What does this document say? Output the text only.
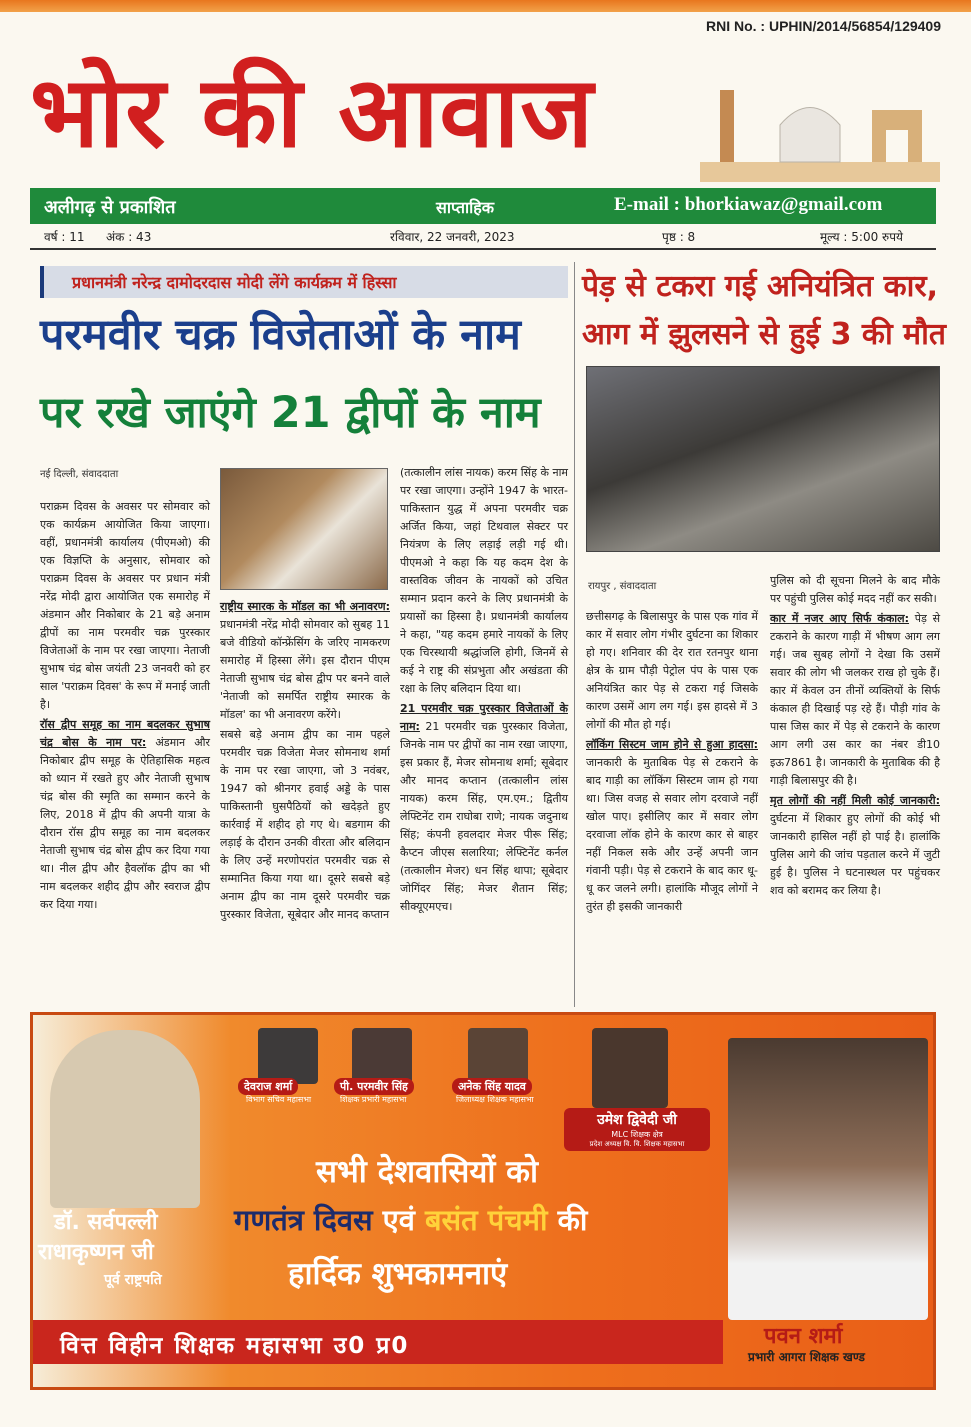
RNI No. : UPHIN/2014/56854/129409
भोर की आवाज
अलीगढ़ से प्रकाशित	साप्ताहिक	E-mail : bhorkiawaz@gmail.com
वर्ष : 11 अंक : 43	रविवार, 22 जनवरी, 2023	पृष्ठ : 8	मूल्य : 5:00 रुपये
प्रधानमंत्री नरेन्द्र दामोदरदास मोदी लेंगे कार्यक्रम में हिस्सा
परमवीर चक्र विजेताओं के नाम
पर रखे जाएंगे 21 द्वीपों के नाम
नई दिल्ली, संवाददाता

पराक्रम दिवस के अवसर पर सोमवार को एक कार्यक्रम आयोजित किया जाएगा। वहीं, प्रधानमंत्री कार्यालय (पीएमओ) की एक विज्ञप्ति के अनुसार, सोमवार को पराक्रम दिवस के अवसर पर प्रधान मंत्री नरेंद्र मोदी द्वारा आयोजित एक समारोह में अंडमान और निकोबार के 21 बड़े अनाम द्वीपों का नाम परमवीर चक्र पुरस्कार विजेताओं के नाम पर रखा जाएगा। नेताजी सुभाष चंद्र बोस जयंती 23 जनवरी को हर साल 'पराक्रम दिवस' के रूप में मनाई जाती है।

रॉस द्वीप समूह का नाम बदलकर सुभाष चंद्र बोस के नाम पर: अंडमान और निकोबार द्वीप समूह के ऐतिहासिक महत्व को ध्यान में रखते हुए और नेताजी सुभाष चंद्र बोस की स्मृति का सम्मान करने के लिए, 2018 में द्वीप की अपनी यात्रा के दौरान रॉस द्वीप समूह का नाम बदलकर नेताजी सुभाष चंद्र बोस द्वीप कर दिया गया था। नील द्वीप और हैवलॉक द्वीप का भी नाम बदलकर शहीद द्वीप और स्वराज द्वीप कर दिया गया।

राष्ट्रीय स्मारक के मॉडल का भी अनावरण: प्रधानमंत्री नरेंद्र मोदी सोमवार को सुबह 11 बजे वीडियो कॉन्फ्रेंसिंग के जरिए नामकरण समारोह में हिस्सा लेंगे। इस दौरान पीएम नेताजी सुभाष चंद्र बोस द्वीप पर बनने वाले 'नेताजी को समर्पित राष्ट्रीय स्मारक के मॉडल' का भी अनावरण करेंगे।

सबसे बड़े अनाम द्वीप का नाम पहले परमवीर चक्र विजेता मेजर सोमनाथ शर्मा के नाम पर रखा जाएगा, जो 3 नवंबर, 1947 को श्रीनगर हवाई अड्डे के पास पाकिस्तानी घुसपैठियों को खदेड़ते हुए कार्रवाई में शहीद हो गए थे। बडगाम की लड़ाई के दौरान उनकी वीरता और बलिदान के लिए उन्हें मरणोपरांत परमवीर चक्र से सम्मानित किया गया था। दूसरे सबसे बड़े अनाम द्वीप का नाम दूसरे परमवीर चक्र पुरस्कार विजेता, सूबेदार और मानद कप्तान

(तत्कालीन लांस नायक) करम सिंह के नाम पर रखा जाएगा। उन्होंने 1947 के भारत-पाकिस्तान युद्ध में अपना परमवीर चक्र अर्जित किया, जहां टिथवाल सेक्टर पर नियंत्रण के लिए लड़ाई लड़ी गई थी। पीएमओ ने कहा कि यह कदम देश के वास्तविक जीवन के नायकों को उचित सम्मान प्रदान करने के लिए प्रधानमंत्री के प्रयासों का हिस्सा है। प्रधानमंत्री कार्यालय ने कहा, "यह कदम हमारे नायकों के लिए एक चिरस्थायी श्रद्धांजलि होगी, जिनमें से कई ने राष्ट्र की संप्रभुता और अखंडता की रक्षा के लिए बलिदान दिया था।

21 परमवीर चक्र पुरस्कार विजेताओं के नाम: 21 परमवीर चक्र पुरस्कार विजेता, जिनके नाम पर द्वीपों का नाम रखा जाएगा, इस प्रकार हैं, मेजर सोमनाथ शर्मा; सूबेदार और मानद कप्तान (तत्कालीन लांस नायक) करम सिंह, एम.एम.; द्वितीय लेफ्टिनेंट राम राघोबा राणे; नायक जदुनाथ सिंह; कंपनी हवलदार मेजर पीरू सिंह; कैप्टन जीएस सलारिया; लेफ्टिनेंट कर्नल (तत्कालीन मेजर) धन सिंह थापा; सूबेदार जोगिंदर सिंह; मेजर शैतान सिंह; सीक्यूएमएच।

पेड़ से टकरा गई अनियंत्रित कार,
आग में झुलसने से हुई 3 की मौत
रायपुर , संवाददाता

छत्तीसगढ़ के बिलासपुर के पास एक गांव में कार में सवार लोग गंभीर दुर्घटना का शिकार हो गए। शनिवार की देर रात रतनपुर थाना क्षेत्र के ग्राम पौड़ी पेट्रोल पंप के पास एक अनियंत्रित कार पेड़ से टकरा गई जिसके कारण उसमें आग लग गई। इस हादसे में 3 लोगों की मौत हो गई।

लॉकिंग सिस्टम जाम होने से हुआ हादसा: जानकारी के मुताबिक पेड़ से टकराने के बाद गाड़ी का लॉकिंग सिस्टम जाम हो गया था। जिस वजह से सवार लोग दरवाजे नहीं खोल पाए। इसीलिए कार में सवार लोग दरवाजा लॉक होने के कारण कार से बाहर नहीं निकल सके और उन्हें अपनी जान गंवानी पड़ी। पेड़ से टकराने के बाद कार धू-धू कर जलने लगी। हालांकि मौजूद लोगों ने तुरंत ही इसकी जानकारी

पुलिस को दी सूचना मिलने के बाद मौके पर पहुंची पुलिस कोई मदद नहीं कर सकी।

कार में नजर आए सिर्फ कंकाल: पेड़ से टकराने के कारण गाड़ी में भीषण आग लग गई। जब सुबह लोगों ने देखा कि उसमें सवार की लोग भी जलकर राख हो चुके हैं। कार में केवल उन तीनों व्यक्तियों के सिर्फ कंकाल ही दिखाई पड़ रहे हैं। पौड़ी गांव के पास जिस कार में पेड़ से टकराने के कारण आग लगी उस कार का नंबर डी10 इऊ7861 है। जानकारी के मुताबिक की है गाड़ी बिलासपुर की है।

मृत लोगों की नहीं मिली कोई जानकारी: दुर्घटना में शिकार हुए लोगों की कोई भी जानकारी हासिल नहीं हो पाई है। हालांकि पुलिस आगे की जांच पड़ताल करने में जुटी हुई है। पुलिस ने घटनास्थल पर पहुंचकर शव को बरामद कर लिया है।

डॉ. सर्वपल्ली
राधाकृष्णन जी
पूर्व राष्ट्रपति
देवराज शर्मा	पी. परमवीर सिंह	अनेक सिंह यादव
विभाग सचिव महासभा	शिक्षक प्रभारी महासभा	जिलाध्यक्ष शिक्षक महासभा
उमेश द्विवेदी जी
MLC शिक्षक क्षेत्र
प्रदेश अध्यक्ष वि. वि. शिक्षक महासभा
सभी देशवासियों को
गणतंत्र दिवस एवं बसंत पंचमी की
हार्दिक शुभकामनाएं
वित्त विहीन शिक्षक महासभा उ0 प्र0	पवन शर्मा
प्रभारी आगरा शिक्षक खण्ड
